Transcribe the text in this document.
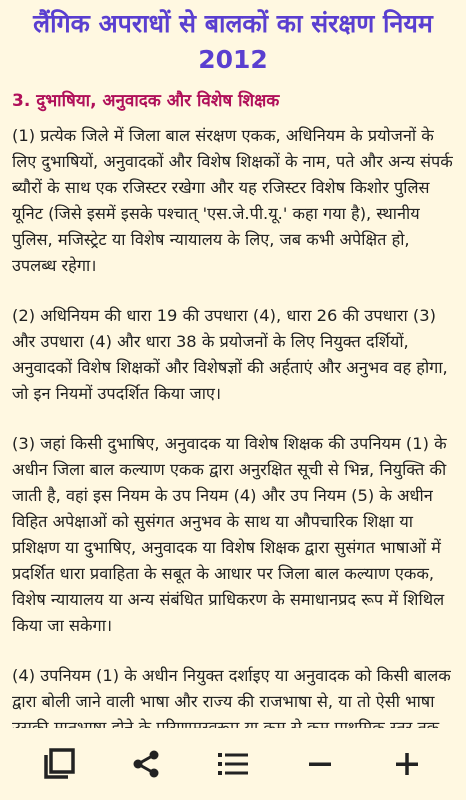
लैंगिक अपराधों से बालकों का संरक्षण नियम 2012
3. दुभाषिया, अनुवादक और विशेष शिक्षक

(1) प्रत्येक जिले में जिला बाल संरक्षण एकक, अधिनियम के प्रयोजनों के लिए दुभाषियों, अनुवादकों और विशेष शिक्षकों के नाम, पते और अन्य संपर्क ब्यौरों के साथ एक रजिस्टर रखेगा और यह रजिस्टर विशेष किशोर पुलिस यूनिट (जिसे इसमें इसके पश्चात् 'एस.जे.पी.यू.' कहा गया है), स्थानीय पुलिस, मजिस्ट्रेट या विशेष न्यायालय के लिए, जब कभी अपेक्षित हो, उपलब्ध रहेगा।

(2) अधिनियम की धारा 19 की उपधारा (4), धारा 26 की उपधारा (3) और उपधारा (4) और धारा 38 के प्रयोजनों के लिए नियुक्त दर्शियों, अनुवादकों विशेष शिक्षकों और विशेषज्ञों की अर्हताएं और अनुभव वह होगा, जो इन नियमों उपदर्शित किया जाए।

(3) जहां किसी दुभाषिए, अनुवादक या विशेष शिक्षक की उपनियम (1) के अधीन जिला बाल कल्याण एकक द्वारा अनुरक्षित सूची से भिन्न, नियुक्ति की जाती है, वहां इस नियम के उप नियम (4) और उप नियम (5) के अधीन विहित अपेक्षाओं को सुसंगत अनुभव के साथ या औपचारिक शिक्षा या प्रशिक्षण या दुभाषिए, अनुवादक या विशेष शिक्षक द्वारा सुसंगत भाषाओं में प्रदर्शित धारा प्रवाहिता के सबूत के आधार पर जिला बाल कल्याण एकक, विशेष न्यायालय या अन्य संबंधित प्राधिकरण के समाधानप्रद रूप में शिथिल किया जा सकेगा।

(4) उपनियम (1) के अधीन नियुक्त दर्शाइए या अनुवादक को किसी बालक द्वारा बोली जाने वाली भाषा और राज्य की राजभाषा से, या तो ऐसी भाषा
